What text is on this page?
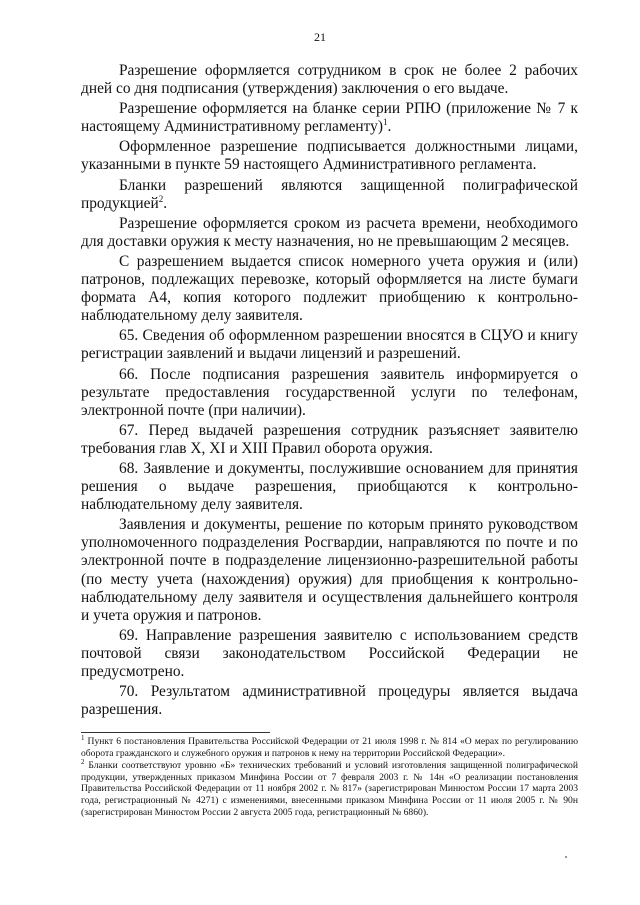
21

Разрешение оформляется сотрудником в срок не более 2 рабочих дней со дня подписания (утверждения) заключения о его выдаче.

Разрешение оформляется на бланке серии РПЮ (приложение № 7 к настоящему Административному регламенту)$^1$.

Оформленное разрешение подписывается должностными лицами, указанными в пункте 59 настоящего Административного регламента.

Бланки разрешений являются защищенной полиграфической продукцией$^2$.

Разрешение оформляется сроком из расчета времени, необходимого для доставки оружия к месту назначения, но не превышающим 2 месяцев.

С разрешением выдается список номерного учета оружия и (или) патронов, подлежащих перевозке, который оформляется на листе бумаги формата А4, копия которого подлежит приобщению к контрольно-наблюдательному делу заявителя.

65. Сведения об оформленном разрешении вносятся в СЦУО и книгу регистрации заявлений и выдачи лицензий и разрешений.

66. После подписания разрешения заявитель информируется о результате предоставления государственной услуги по телефонам, электронной почте (при наличии).

67. Перед выдачей разрешения сотрудник разъясняет заявителю требования глав X, XI и XIII Правил оборота оружия.

68. Заявление и документы, послужившие основанием для принятия решения о выдаче разрешения, приобщаются к контрольно-наблюдательному делу заявителя.

Заявления и документы, решение по которым принято руководством уполномоченного подразделения Росгвардии, направляются по почте и по электронной почте в подразделение лицензионно-разрешительной работы (по месту учета (нахождения) оружия) для приобщения к контрольно-наблюдательному делу заявителя и осуществления дальнейшего контроля и учета оружия и патронов.

69. Направление разрешения заявителю с использованием средств почтовой связи законодательством Российской Федерации не предусмотрено.

70. Результатом административной процедуры является выдача разрешения.

$^1$ Пункт 6 постановления Правительства Российской Федерации от 21 июля 1998 г. № 814 «О мерах по регулированию оборота гражданского и служебного оружия и патронов к нему на территории Российской Федерации».

$^2$ Бланки соответствуют уровню «Б» технических требований и условий изготовления защищенной полиграфической продукции, утвержденных приказом Минфина России от 7 февраля 2003 г. № 14н «О реализации постановления Правительства Российской Федерации от 11 ноября 2002 г. № 817» (зарегистрирован Минюстом России 17 марта 2003 года, регистрационный № 4271) с изменениями, внесенными приказом Минфина России от 11 июля 2005 г. № 90н (зарегистрирован Минюстом России 2 августа 2005 года, регистрационный № 6860).
